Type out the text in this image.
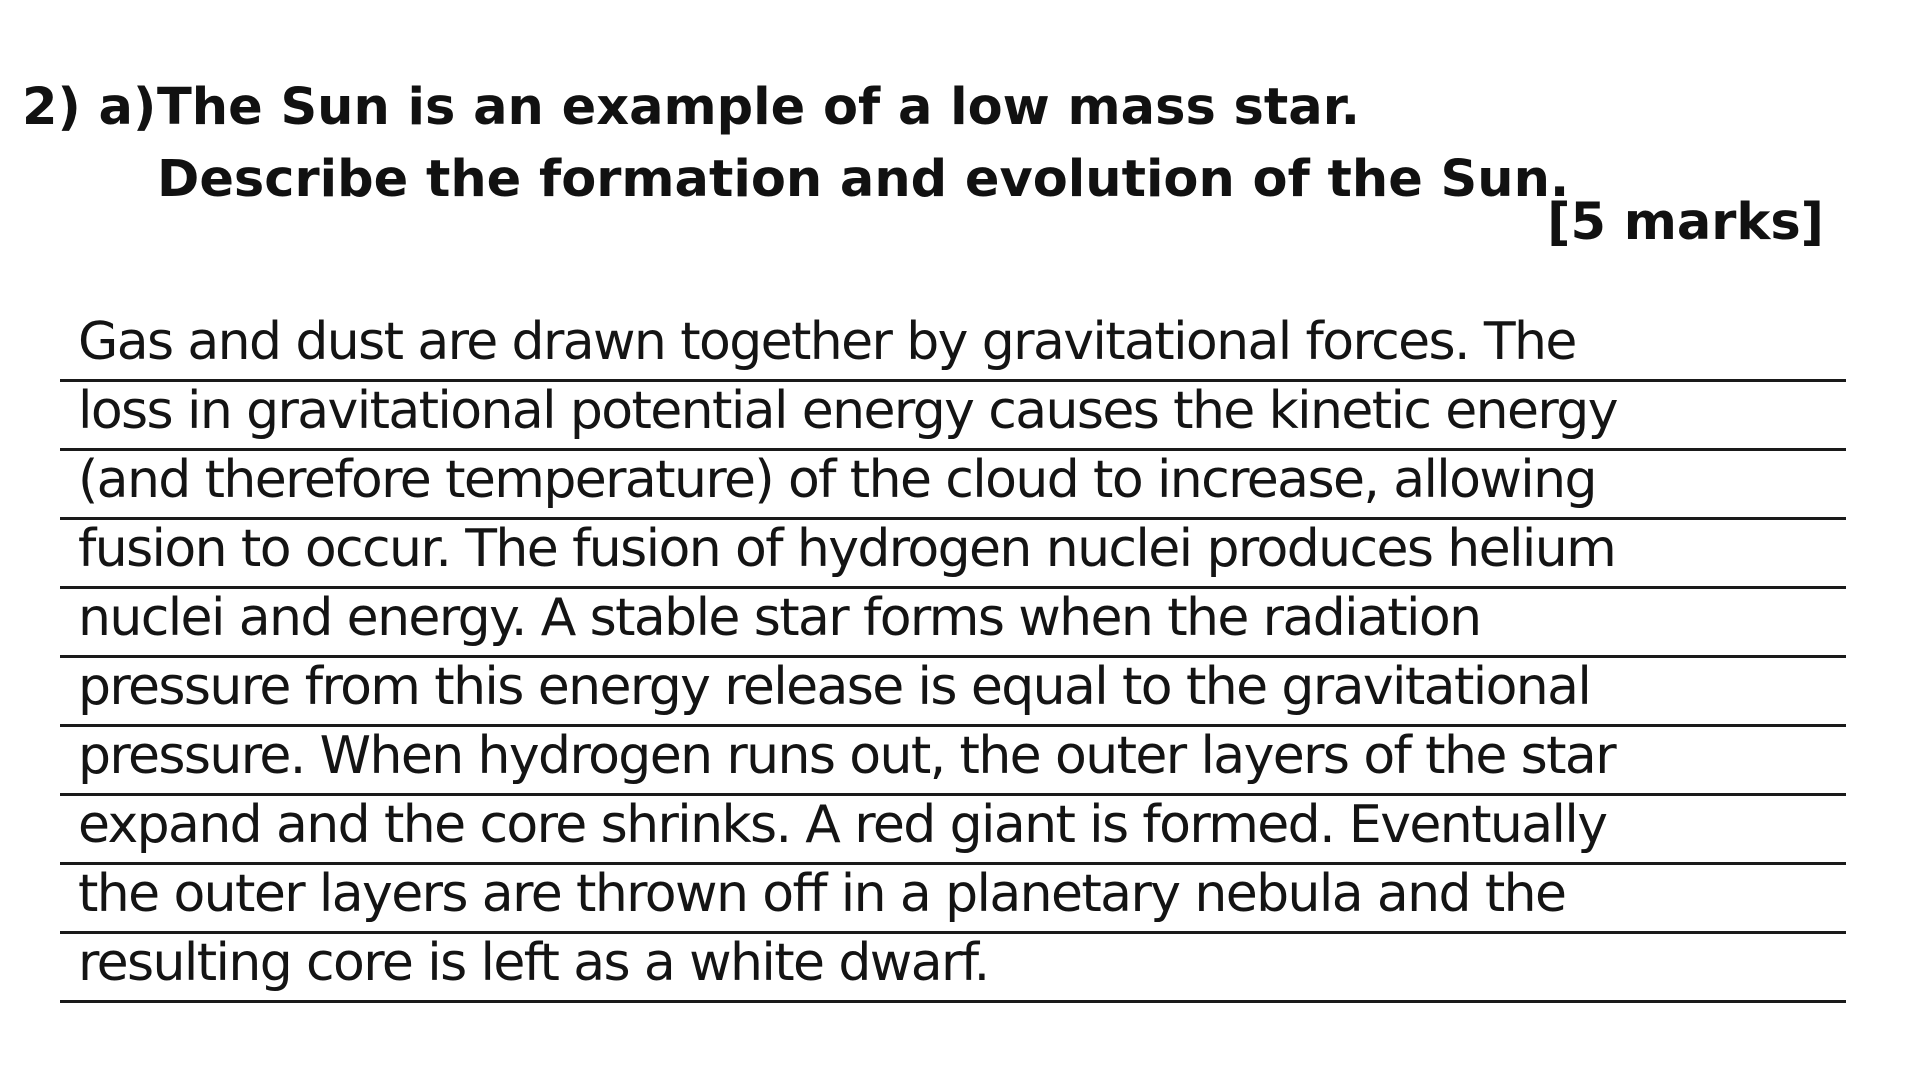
2) a) The Sun is an example of a low mass star. Describe the formation and evolution of the Sun.
[5 marks]
Gas and dust are drawn together by gravitational forces. The
loss in gravitational potential energy causes the kinetic energy
(and therefore temperature) of the cloud to increase, allowing
fusion to occur. The fusion of hydrogen nuclei produces helium
nuclei and energy. A stable star forms when the radiation
pressure from this energy release is equal to the gravitational
pressure. When hydrogen runs out, the outer layers of the star
expand and the core shrinks. A red giant is formed. Eventually
the outer layers are thrown off in a planetary nebula and the
resulting core is left as a white dwarf.
